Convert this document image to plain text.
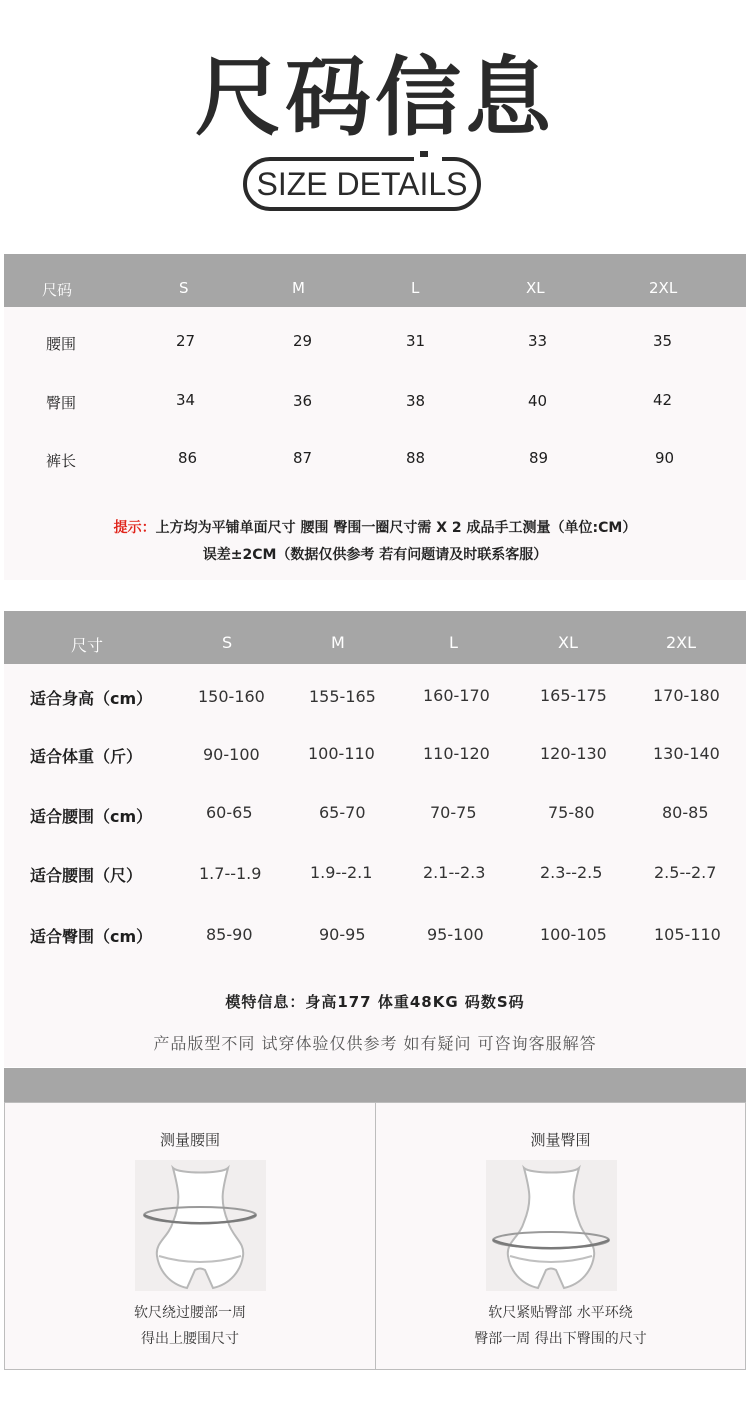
尺码信息
SIZE DETAILS
尺码	S	M	L	XL	2XL
腰围	27	29	31	33	35
臀围	34	36	38	40	42
裤长	86	87	88	89	90
提示：上方均为平铺单面尺寸 腰围 臀围一圈尺寸需 X 2 成品手工测量（单位:CM）
误差±2CM（数据仅供参考 若有问题请及时联系客服）
尺寸	S	M	L	XL	2XL
适合身高（cm）	150-160	155-165	160-170	165-175	170-180
适合体重（斤）	90-100	100-110	110-120	120-130	130-140
适合腰围（cm）	60-65	65-70	70-75	75-80	80-85
适合腰围（尺）	1.7--1.9	1.9--2.1	2.1--2.3	2.3--2.5	2.5--2.7
适合臀围（cm）	85-90	90-95	95-100	100-105	105-110
模特信息：身高177 体重48KG 码数S码
产品版型不同 试穿体验仅供参考 如有疑问 可咨询客服解答
测量腰围
软尺绕过腰部一周
得出上腰围尺寸
测量臀围
软尺紧贴臀部 水平环绕
臀部一周 得出下臀围的尺寸
